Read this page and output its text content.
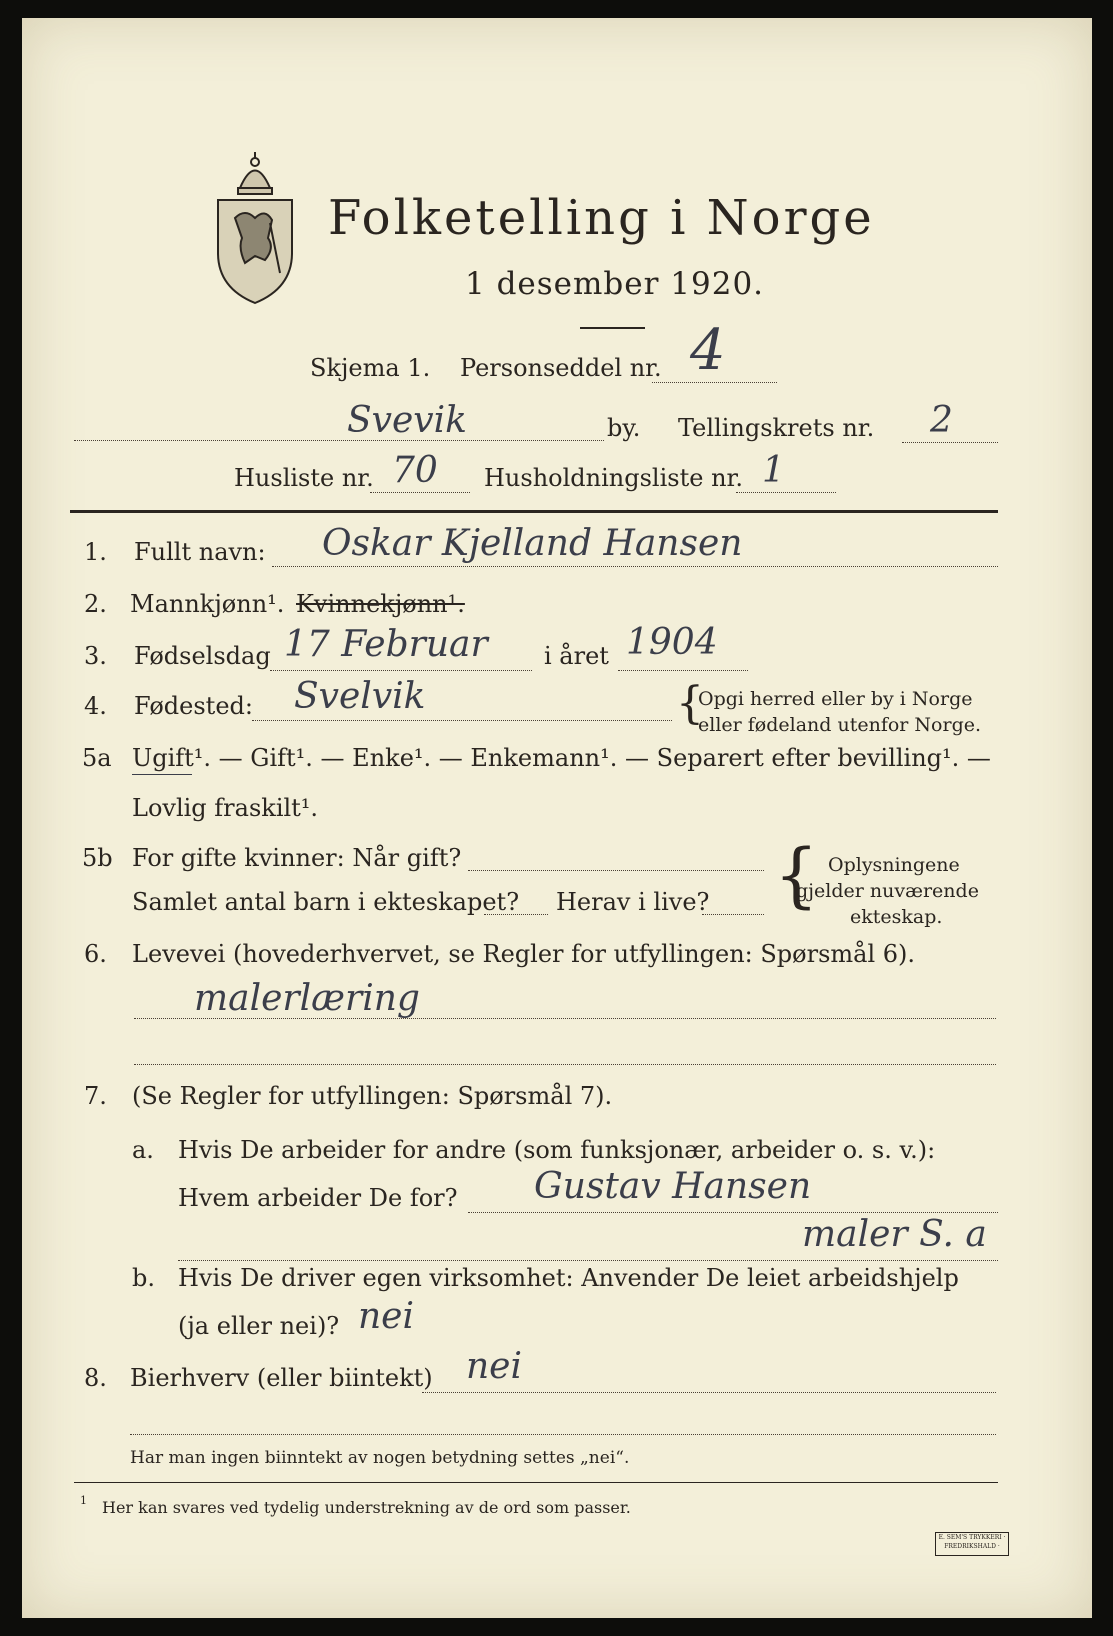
Folketelling i Norge
1 desember 1920.
Skjema 1. Personseddel nr. 4
Svevik	by. Tellingskrets nr. 2
Husliste nr. 70 Husholdningsliste nr. 1
1. Fullt navn: Oskar Kjelland Hansen
2. Mannkjønn¹. Kvinnekjønn¹.
3. Fødselsdag 17 Februar i året 1904
4. Fødested: Svelvik	{
Opgi herred eller by i Norge
eller fødeland utenfor Norge.
5a Ugift¹. — Gift¹. — Enke¹. — Enkemann¹. — Separert efter bevilling¹. —
Lovlig fraskilt¹.
5b For gifte kvinner: Når gift?
Samlet antal barn i ekteskapet? Herav i live? { Oplysningene
gjelder nuværende
ekteskap.
6. Levevei (hovederhvervet, se Regler for utfyllingen: Spørsmål 6).
malerlæring
7. (Se Regler for utfyllingen: Spørsmål 7).
a. Hvis De arbeider for andre (som funksjonær, arbeider o. s. v.):
Hvem arbeider De for? Gustav Hansen
maler S. a
b. Hvis De driver egen virksomhet: Anvender De leiet arbeidshjelp
(ja eller nei)? nei
8. Bierhverv (eller biintekt) nei
Har man ingen biinntekt av nogen betydning settes „nei“.
1 Her kan svares ved tydelig understrekning av de ord som passer.
E. SEM'S TRYKKERI · FREDRIKSHALD ·
